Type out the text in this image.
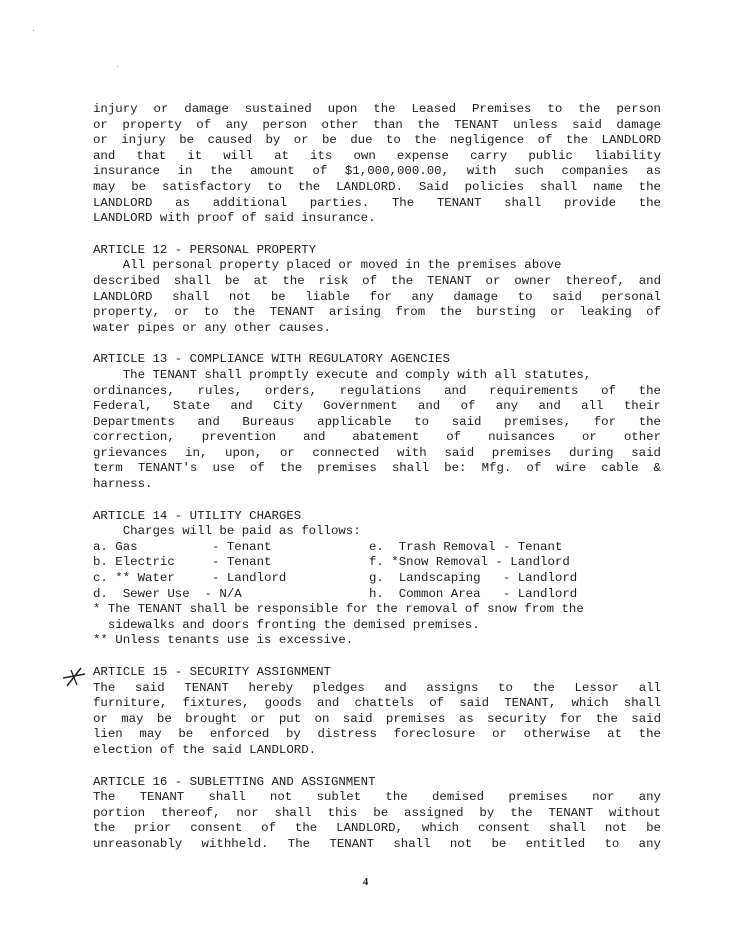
injury or damage sustained upon the Leased Premises to the person
or property of any person other than the TENANT unless said damage
or injury be caused by or be due to the negligence of the LANDLORD
and that it will at its own expense carry public liability
insurance in the amount of $1,000,000.00, with such companies as
may be satisfactory to the LANDLORD. Said policies shall name the
LANDLORD as additional parties. The TENANT shall provide the
LANDLORD with proof of said insurance.
ARTICLE 12 - PERSONAL PROPERTY
All personal property placed or moved in the premises above
described shall be at the risk of the TENANT or owner thereof, and
LANDLORD shall not be liable for any damage to said personal
property, or to the TENANT arising from the bursting or leaking of
water pipes or any other causes.
ARTICLE 13 - COMPLIANCE WITH REGULATORY AGENCIES
The TENANT shall promptly execute and comply with all statutes,
ordinances, rules, orders, regulations and requirements of the
Federal, State and City Government and of any and all their
Departments and Bureaus applicable to said premises, for the
correction, prevention and abatement of nuisances or other
grievances in, upon, or connected with said premises during said
term TENANT's use of the premises shall be: Mfg. of wire cable &
harness.
ARTICLE 14 - UTILITY CHARGES
Charges will be paid as follows:
a. Gas          - Tenant	e.  Trash Removal - Tenant
b. Electric     - Tenant	f. *Snow Removal - Landlord
c. ** Water     - Landlord	g.  Landscaping   - Landlord
d.  Sewer Use  - N/A	h.  Common Area   - Landlord
* The TENANT shall be responsible for the removal of snow from the
sidewalks and doors fronting the demised premises.
** Unless tenants use is excessive.
ARTICLE 15 - SECURITY ASSIGNMENT
The said TENANT hereby pledges and assigns to the Lessor all
furniture, fixtures, goods and chattels of said TENANT, which shall
or may be brought or put on said premises as security for the said
lien may be enforced by distress foreclosure or otherwise at the
election of the said LANDLORD.
ARTICLE 16 - SUBLETTING AND ASSIGNMENT
The TENANT shall not sublet the demised premises nor any
portion thereof, nor shall this be assigned by the TENANT without
the prior consent of the LANDLORD, which consent shall not be
unreasonably withheld. The TENANT shall not be entitled to any
4
